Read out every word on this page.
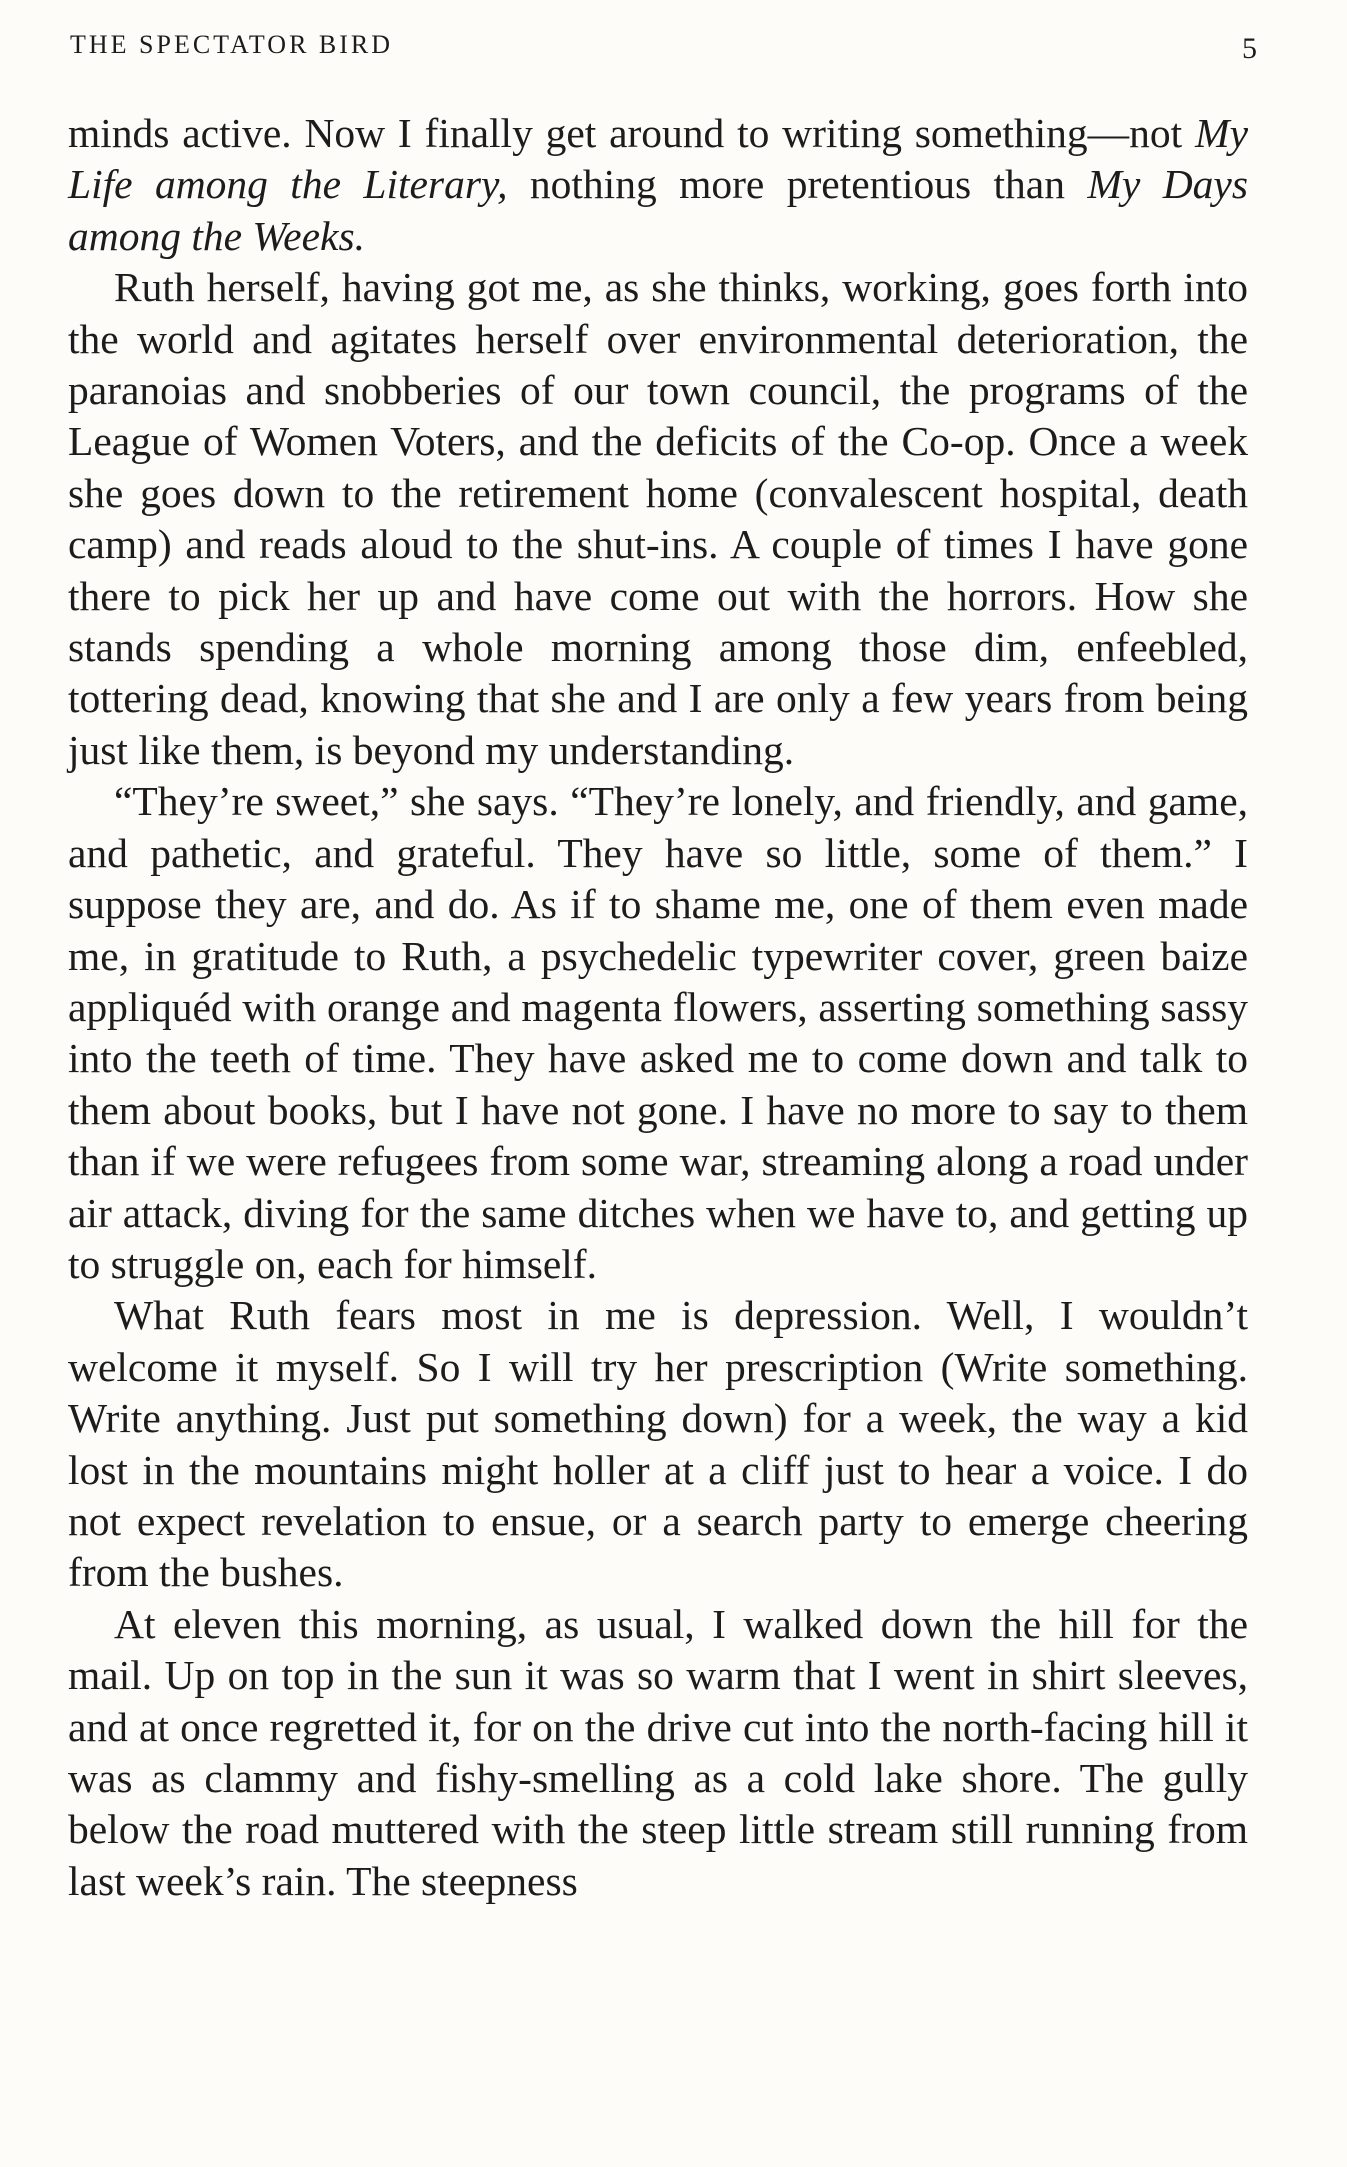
THE SPECTATOR BIRD	5

minds active. Now I finally get around to writing something—not My Life among the Literary, nothing more pretentious than My Days among the Weeks.

Ruth herself, having got me, as she thinks, working, goes forth into the world and agitates herself over environmental deterioration, the paranoias and snobberies of our town council, the programs of the League of Women Voters, and the deficits of the Co-op. Once a week she goes down to the retirement home (convalescent hospital, death camp) and reads aloud to the shut-ins. A couple of times I have gone there to pick her up and have come out with the horrors. How she stands spending a whole morning among those dim, enfeebled, tottering dead, knowing that she and I are only a few years from being just like them, is beyond my understanding.

“They’re sweet,” she says. “They’re lonely, and friendly, and game, and pathetic, and grateful. They have so little, some of them.” I suppose they are, and do. As if to shame me, one of them even made me, in gratitude to Ruth, a psychedelic typewriter cover, green baize appliquéd with orange and magenta flowers, asserting something sassy into the teeth of time. They have asked me to come down and talk to them about books, but I have not gone. I have no more to say to them than if we were refugees from some war, streaming along a road under air attack, diving for the same ditches when we have to, and getting up to struggle on, each for himself.

What Ruth fears most in me is depression. Well, I wouldn’t welcome it myself. So I will try her prescription (Write something. Write anything. Just put something down) for a week, the way a kid lost in the mountains might holler at a cliff just to hear a voice. I do not expect revelation to ensue, or a search party to emerge cheering from the bushes.

At eleven this morning, as usual, I walked down the hill for the mail. Up on top in the sun it was so warm that I went in shirt sleeves, and at once regretted it, for on the drive cut into the north-facing hill it was as clammy and fishy-smelling as a cold lake shore. The gully below the road muttered with the steep little stream still running from last week’s rain. The steepness
